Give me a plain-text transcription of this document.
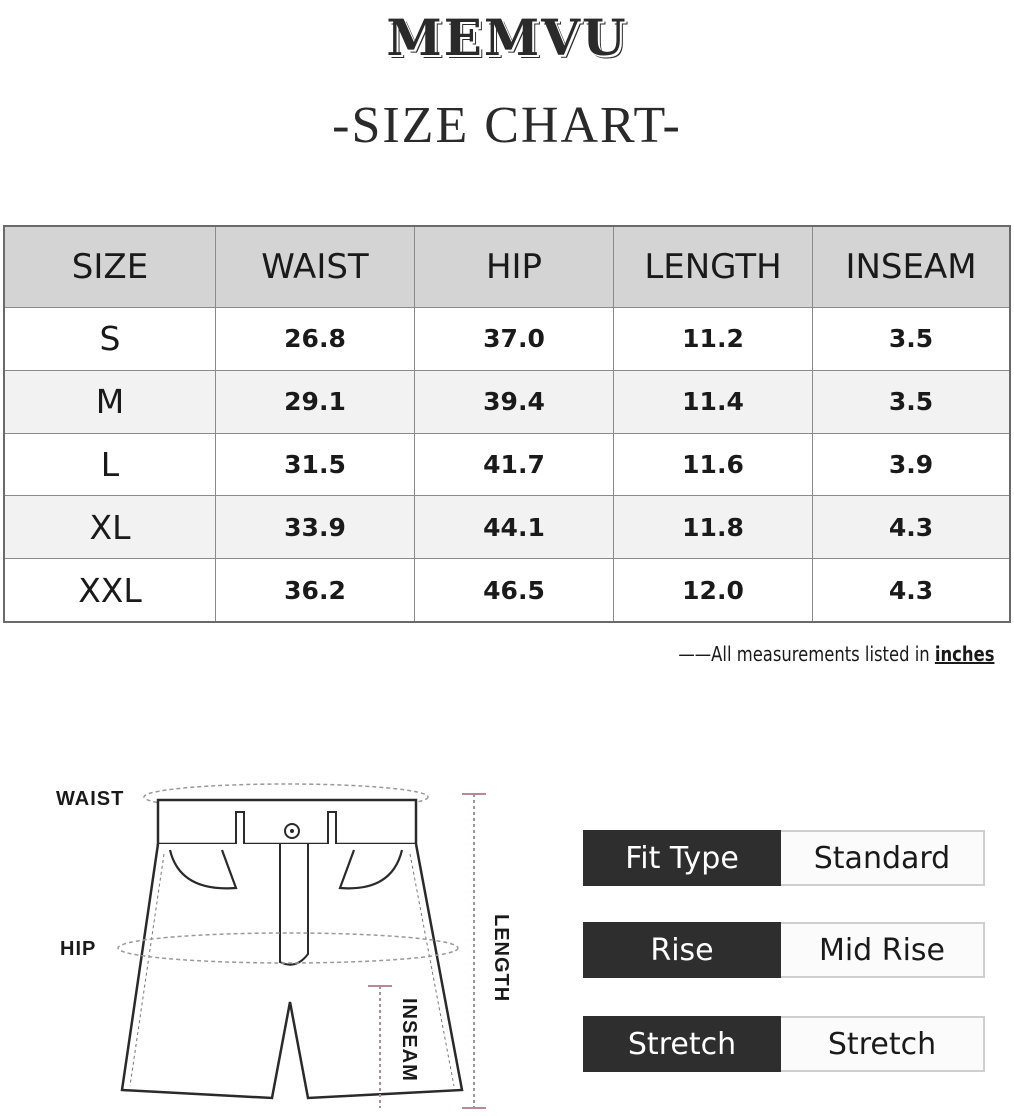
MEMVU
-SIZE CHART-
SIZE	WAIST	HIP	LENGTH	INSEAM
S	26.8	37.0	11.2	3.5
M	29.1	39.4	11.4	3.5
L	31.5	41.7	11.6	3.9
XL	33.9	44.1	11.8	4.3
XXL	36.2	46.5	12.0	4.3
——All measurements listed in inches
WAIST
HIP	LENGTH
INSEAM
Fit Type	Standard
Rise	Mid Rise
Stretch	Stretch
